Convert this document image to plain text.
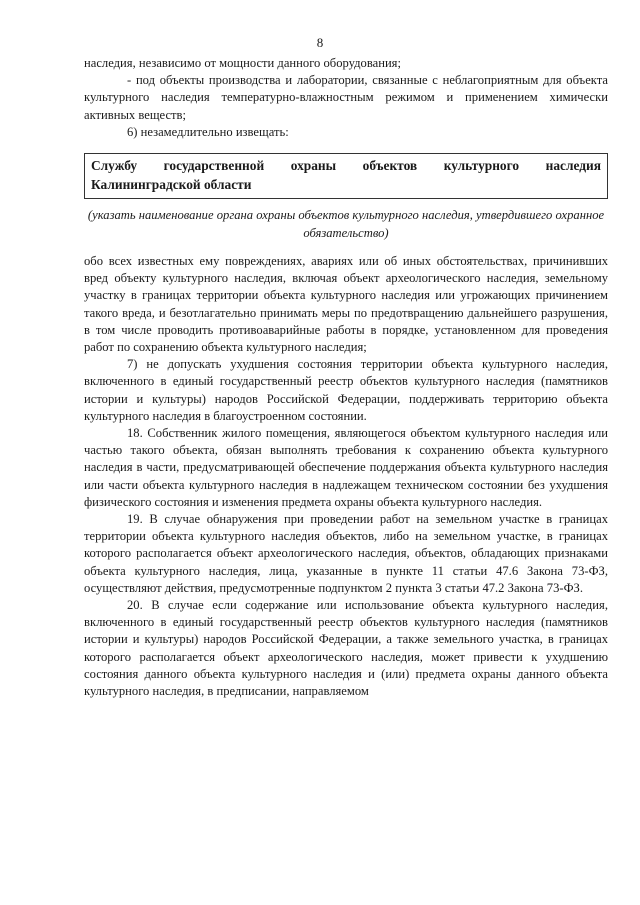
8

наследия, независимо от мощности данного оборудования;

- под объекты производства и лаборатории, связанные с неблагоприятным для объекта культурного наследия температурно-влажностным режимом и применением химически активных веществ;

6) незамедлительно извещать:

Службу государственной охраны объектов культурного наследия
Калининградской области

(указать наименование органа охраны объектов культурного наследия, утвердившего охранное обязательство)

обо всех известных ему повреждениях, авариях или об иных обстоятельствах, причинивших вред объекту культурного наследия, включая объект археологического наследия, земельному участку в границах территории объекта культурного наследия или угрожающих причинением такого вреда, и безотлагательно принимать меры по предотвращению дальнейшего разрушения, в том числе проводить противоаварийные работы в порядке, установленном для проведения работ по сохранению объекта культурного наследия;

7) не допускать ухудшения состояния территории объекта культурного наследия, включенного в единый государственный реестр объектов культурного наследия (памятников истории и культуры) народов Российской Федерации, поддерживать территорию объекта культурного наследия в благоустроенном состоянии.

18. Собственник жилого помещения, являющегося объектом культурного наследия или частью такого объекта, обязан выполнять требования к сохранению объекта культурного наследия в части, предусматривающей обеспечение поддержания объекта культурного наследия или части объекта культурного наследия в надлежащем техническом состоянии без ухудшения физического состояния и изменения предмета охраны объекта культурного наследия.

19. В случае обнаружения при проведении работ на земельном участке в границах территории объекта культурного наследия объектов, либо на земельном участке, в границах которого располагается объект археологического наследия, объектов, обладающих признаками объекта культурного наследия, лица, указанные в пункте 11 статьи 47.6 Закона 73-ФЗ, осуществляют действия, предусмотренные подпунктом 2 пункта 3 статьи 47.2 Закона 73-ФЗ.

20. В случае если содержание или использование объекта культурного наследия, включенного в единый государственный реестр объектов культурного наследия (памятников истории и культуры) народов Российской Федерации, а также земельного участка, в границах которого располагается объект археологического наследия, может привести к ухудшению состояния данного объекта культурного наследия и (или) предмета охраны данного объекта культурного наследия, в предписании, направляемом
